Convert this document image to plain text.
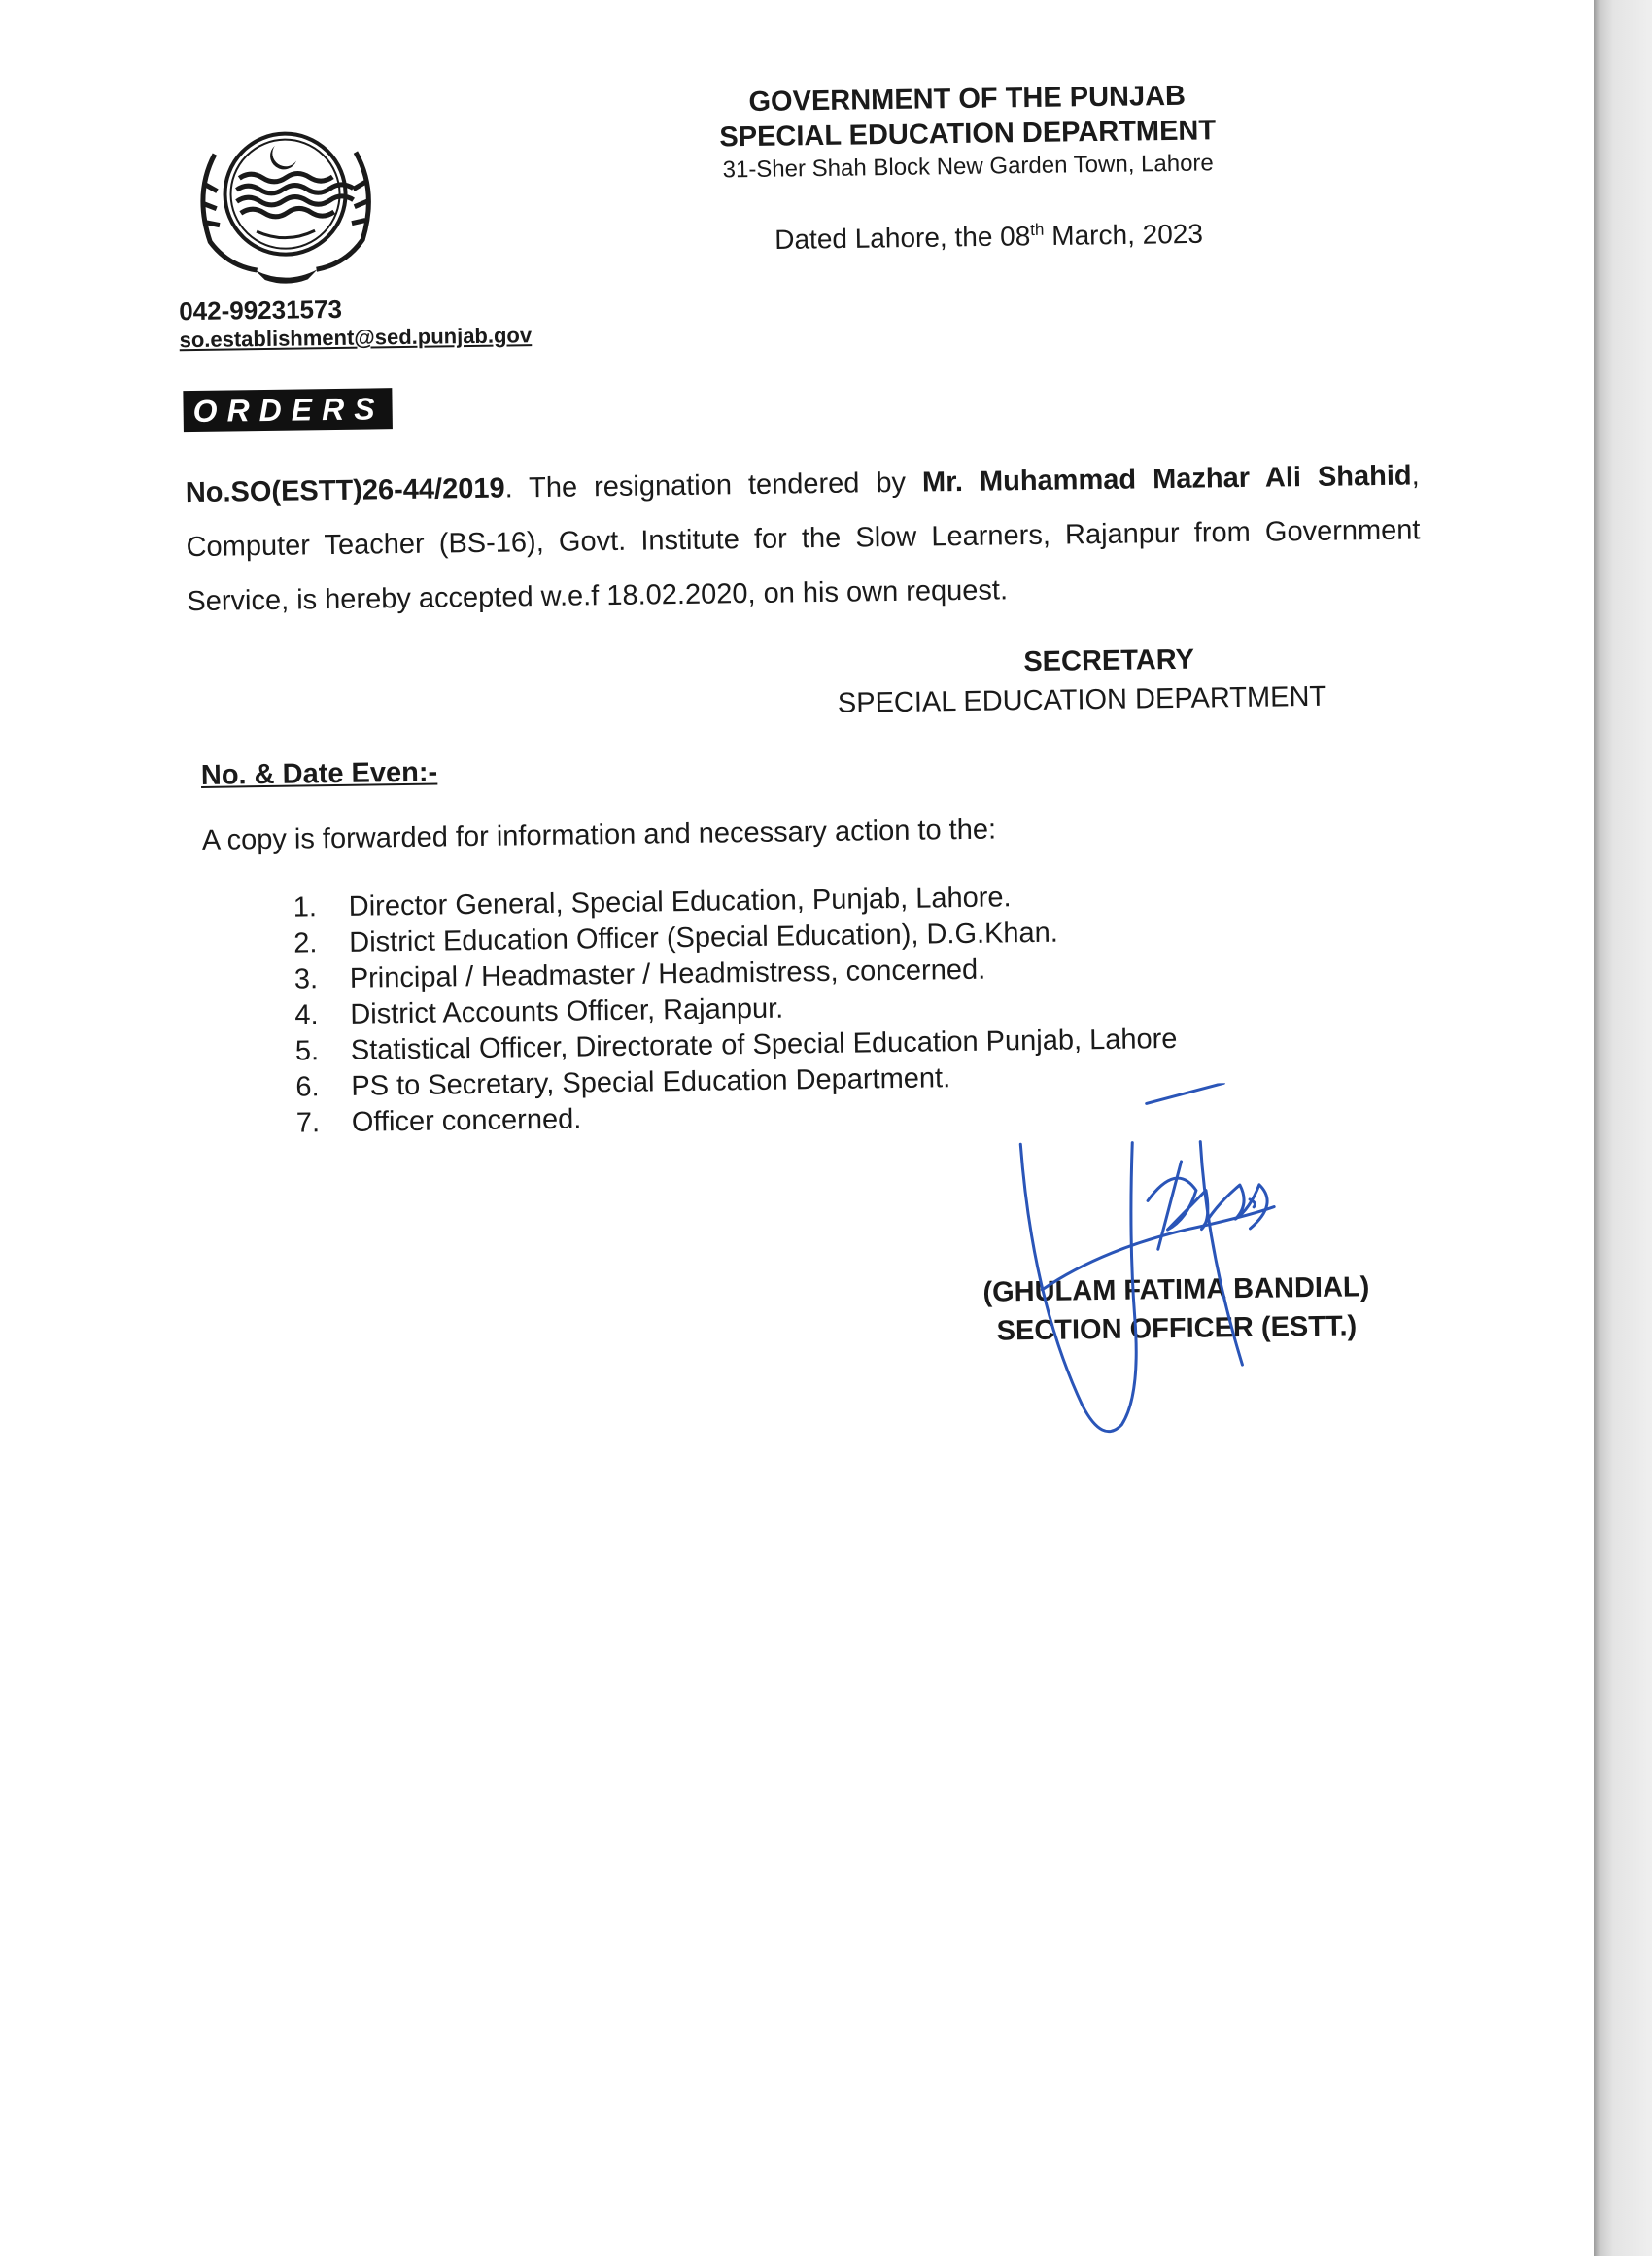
GOVERNMENT OF THE PUNJAB
SPECIAL EDUCATION DEPARTMENT
31-Sher Shah Block New Garden Town, Lahore
Dated Lahore, the 08th March, 2023
042-99231573
so.establishment@sed.punjab.gov
ORDERS
No.SO(ESTT)26-44/2019. The resignation tendered by Mr. Muhammad Mazhar Ali Shahid, Computer Teacher (BS-16), Govt. Institute for the Slow Learners, Rajanpur from Government Service, is hereby accepted w.e.f 18.02.2020, on his own request.
SECRETARY
SPECIAL EDUCATION DEPARTMENT
No. & Date Even:-
A copy is forwarded for information and necessary action to the:
1.	Director General, Special Education, Punjab, Lahore.
2.	District Education Officer (Special Education), D.G.Khan.
3.	Principal / Headmaster / Headmistress, concerned.
4.	District Accounts Officer, Rajanpur.
5.	Statistical Officer, Directorate of Special Education Punjab, Lahore
6.	PS to Secretary, Special Education Department.
7.	Officer concerned.
(GHULAM FATIMA BANDIAL)
SECTION OFFICER (ESTT.)
